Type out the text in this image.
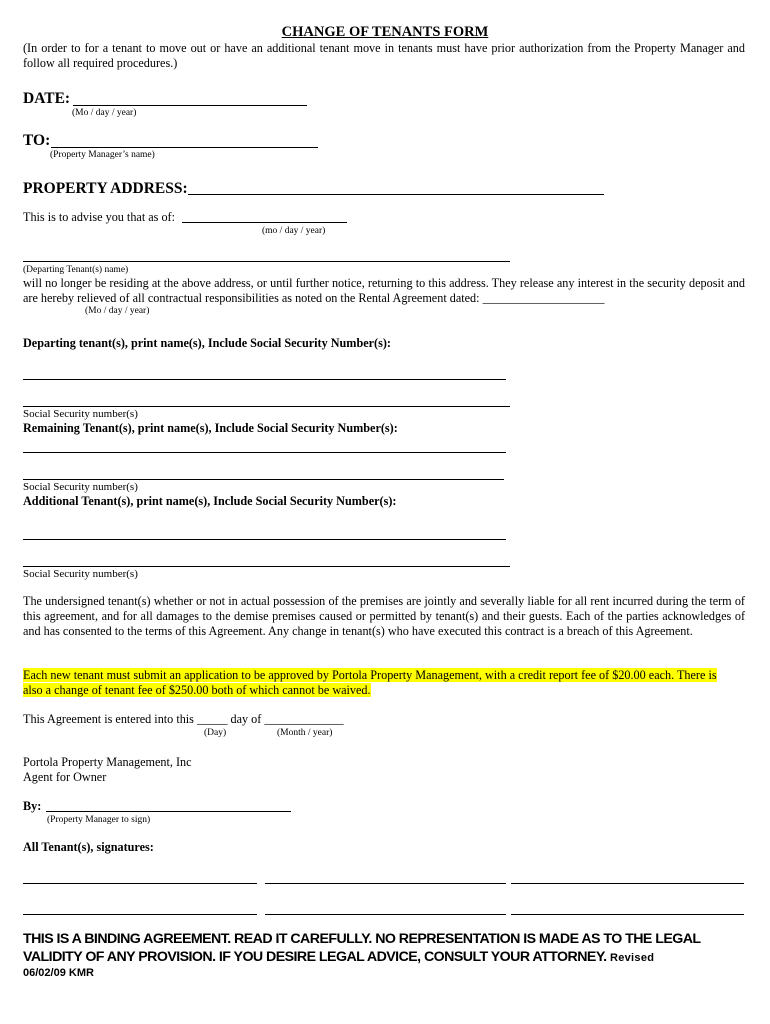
CHANGE OF TENANTS FORM

(In order to for a tenant to move out or have an additional tenant move in tenants must have prior authorization from the Property Manager and follow all required procedures.)

DATE:
(Mo / day / year)
TO:
(Property Manager’s name)
PROPERTY ADDRESS:
This is to advise you that as of:
(mo / day / year)
(Departing Tenant(s) name)

will no longer be residing at the above address, or until further notice, returning to this address. They release any interest in the security deposit and are hereby relieved of all contractual responsibilities as noted on the Rental Agreement dated: ____________________

(Mo / day / year)
Departing tenant(s), print name(s), Include Social Security Number(s):
Social Security number(s)
Remaining Tenant(s), print name(s), Include Social Security Number(s):
Social Security number(s)
Additional Tenant(s), print name(s), Include Social Security Number(s):
Social Security number(s)

The undersigned tenant(s) whether or not in actual possession of the premises are jointly and severally liable for all rent incurred during the term of this agreement, and for all damages to the demise premises caused or permitted by tenant(s) and their guests. Each of the parties acknowledges of and has consented to the terms of this Agreement. Any change in tenant(s) who have executed this contract is a breach of this Agreement.

Each new tenant must submit an application to be approved by Portola Property Management, with a credit report fee of $20.00 each. There is
also a change of tenant fee of $250.00 both of which cannot be waived.
This Agreement is entered into this _____ day of _____________
(Day)	(Month / year)
Portola Property Management, Inc
Agent for Owner
By:
(Property Manager to sign)
All Tenant(s), signatures:
THIS IS A BINDING AGREEMENT. READ IT CAREFULLY. NO REPRESENTATION IS MADE AS TO THE LEGAL
VALIDITY OF ANY PROVISION. IF YOU DESIRE LEGAL ADVICE, CONSULT YOUR ATTORNEY. Revised
06/02/09 KMR
